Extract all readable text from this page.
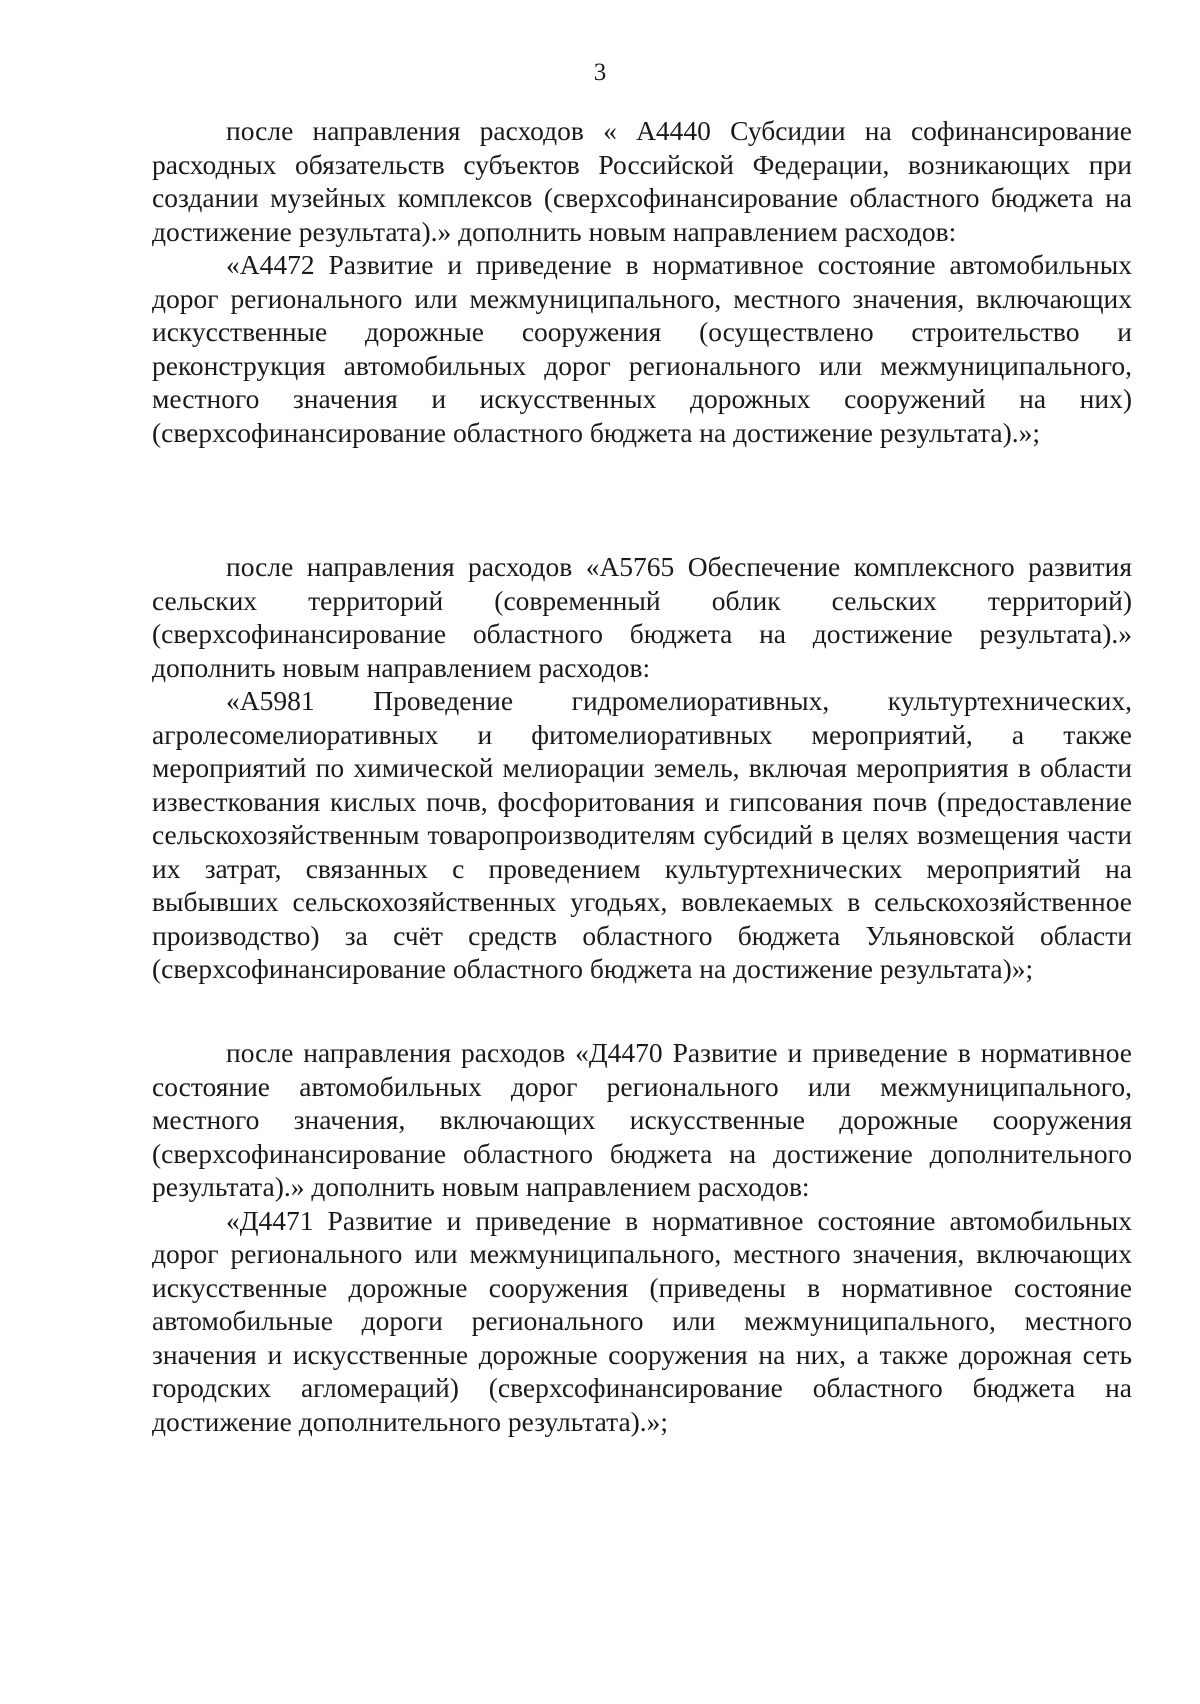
3

после направления расходов « А4440 Субсидии на софинансирование расходных обязательств субъектов Российской Федерации, возникающих при создании музейных комплексов (сверхсофинансирование областного бюджета на достижение результата).» дополнить новым направлением расходов:

«А4472 Развитие и приведение в нормативное состояние автомобильных дорог регионального или межмуниципального, местного значения, включающих искусственные дорожные сооружения (осуществлено строительство и реконструкция автомобильных дорог регионального или межмуниципального, местного значения и искусственных дорожных сооружений на них) (сверхсофинансирование областного бюджета на достижение результата).»;

после направления расходов «А5765 Обеспечение комплексного развития сельских территорий (современный облик сельских территорий) (сверхсофинансирование областного бюджета на достижение результата).» дополнить новым направлением расходов:

«А5981 Проведение гидромелиоративных, культуртехнических, агролесомелиоративных и фитомелиоративных мероприятий, а также мероприятий по химической мелиорации земель, включая мероприятия в области известкования кислых почв, фосфоритования и гипсования почв (предоставление сельскохозяйственным товаропроизводителям субсидий в целях возмещения части их затрат, связанных с проведением культуртехнических мероприятий на выбывших сельскохозяйственных угодьях, вовлекаемых в сельскохозяйственное производство) за счёт средств областного бюджета Ульяновской области (сверхсофинансирование областного бюджета на достижение результата)»;

после направления расходов «Д4470 Развитие и приведение в нормативное состояние автомобильных дорог регионального или межмуниципального, местного значения, включающих искусственные дорожные сооружения (сверхсофинансирование областного бюджета на достижение дополнительного результата).» дополнить новым направлением расходов:

«Д4471 Развитие и приведение в нормативное состояние автомобильных дорог регионального или межмуниципального, местного значения, включающих искусственные дорожные сооружения (приведены в нормативное состояние автомобильные дороги регионального или межмуниципального, местного значения и искусственные дорожные сооружения на них, а также дорожная сеть городских агломераций) (сверхсофинансирование областного бюджета на достижение дополнительного результата).»;
